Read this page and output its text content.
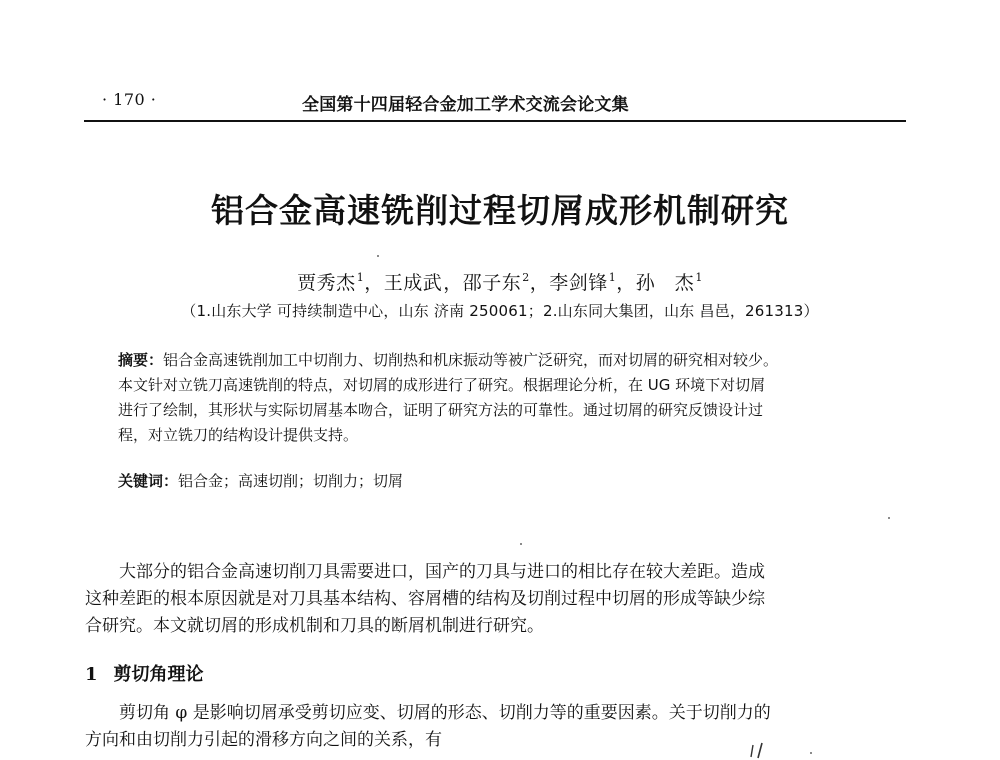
· 170 ·	全国第十四届轻合金加工学术交流会论文集
铝合金高速铣削过程切屑成形机制研究
贾秀杰$^1$，王成武，邵子东$^2$，李剑锋$^1$，孙　杰$^1$
（1.山东大学 可持续制造中心，山东 济南 250061；2.山东同大集团，山东 昌邑，261313）
摘要：铝合金高速铣削加工中切削力、切削热和机床振动等被广泛研究，而对切屑的研究相对较少。
本文针对立铣刀高速铣削的特点，对切屑的成形进行了研究。根据理论分析，在 UG 环境下对切屑
进行了绘制，其形状与实际切屑基本吻合，证明了研究方法的可靠性。通过切屑的研究反馈设计过
程，对立铣刀的结构设计提供支持。
关键词：铝合金；高速切削；切削力；切屑
　　大部分的铝合金高速切削刀具需要进口，国产的刀具与进口的相比存在较大差距。造成
这种差距的根本原因就是对刀具基本结构、容屑槽的结构及切削过程中切屑的形成等缺少综
合研究。本文就切屑的形成机制和刀具的断屑机制进行研究。
1 剪切角理论
　　剪切角 φ 是影响切屑承受剪切应变、切屑的形态、切削力等的重要因素。关于切削力的
方向和由切削力引起的滑移方向之间的关系，有
